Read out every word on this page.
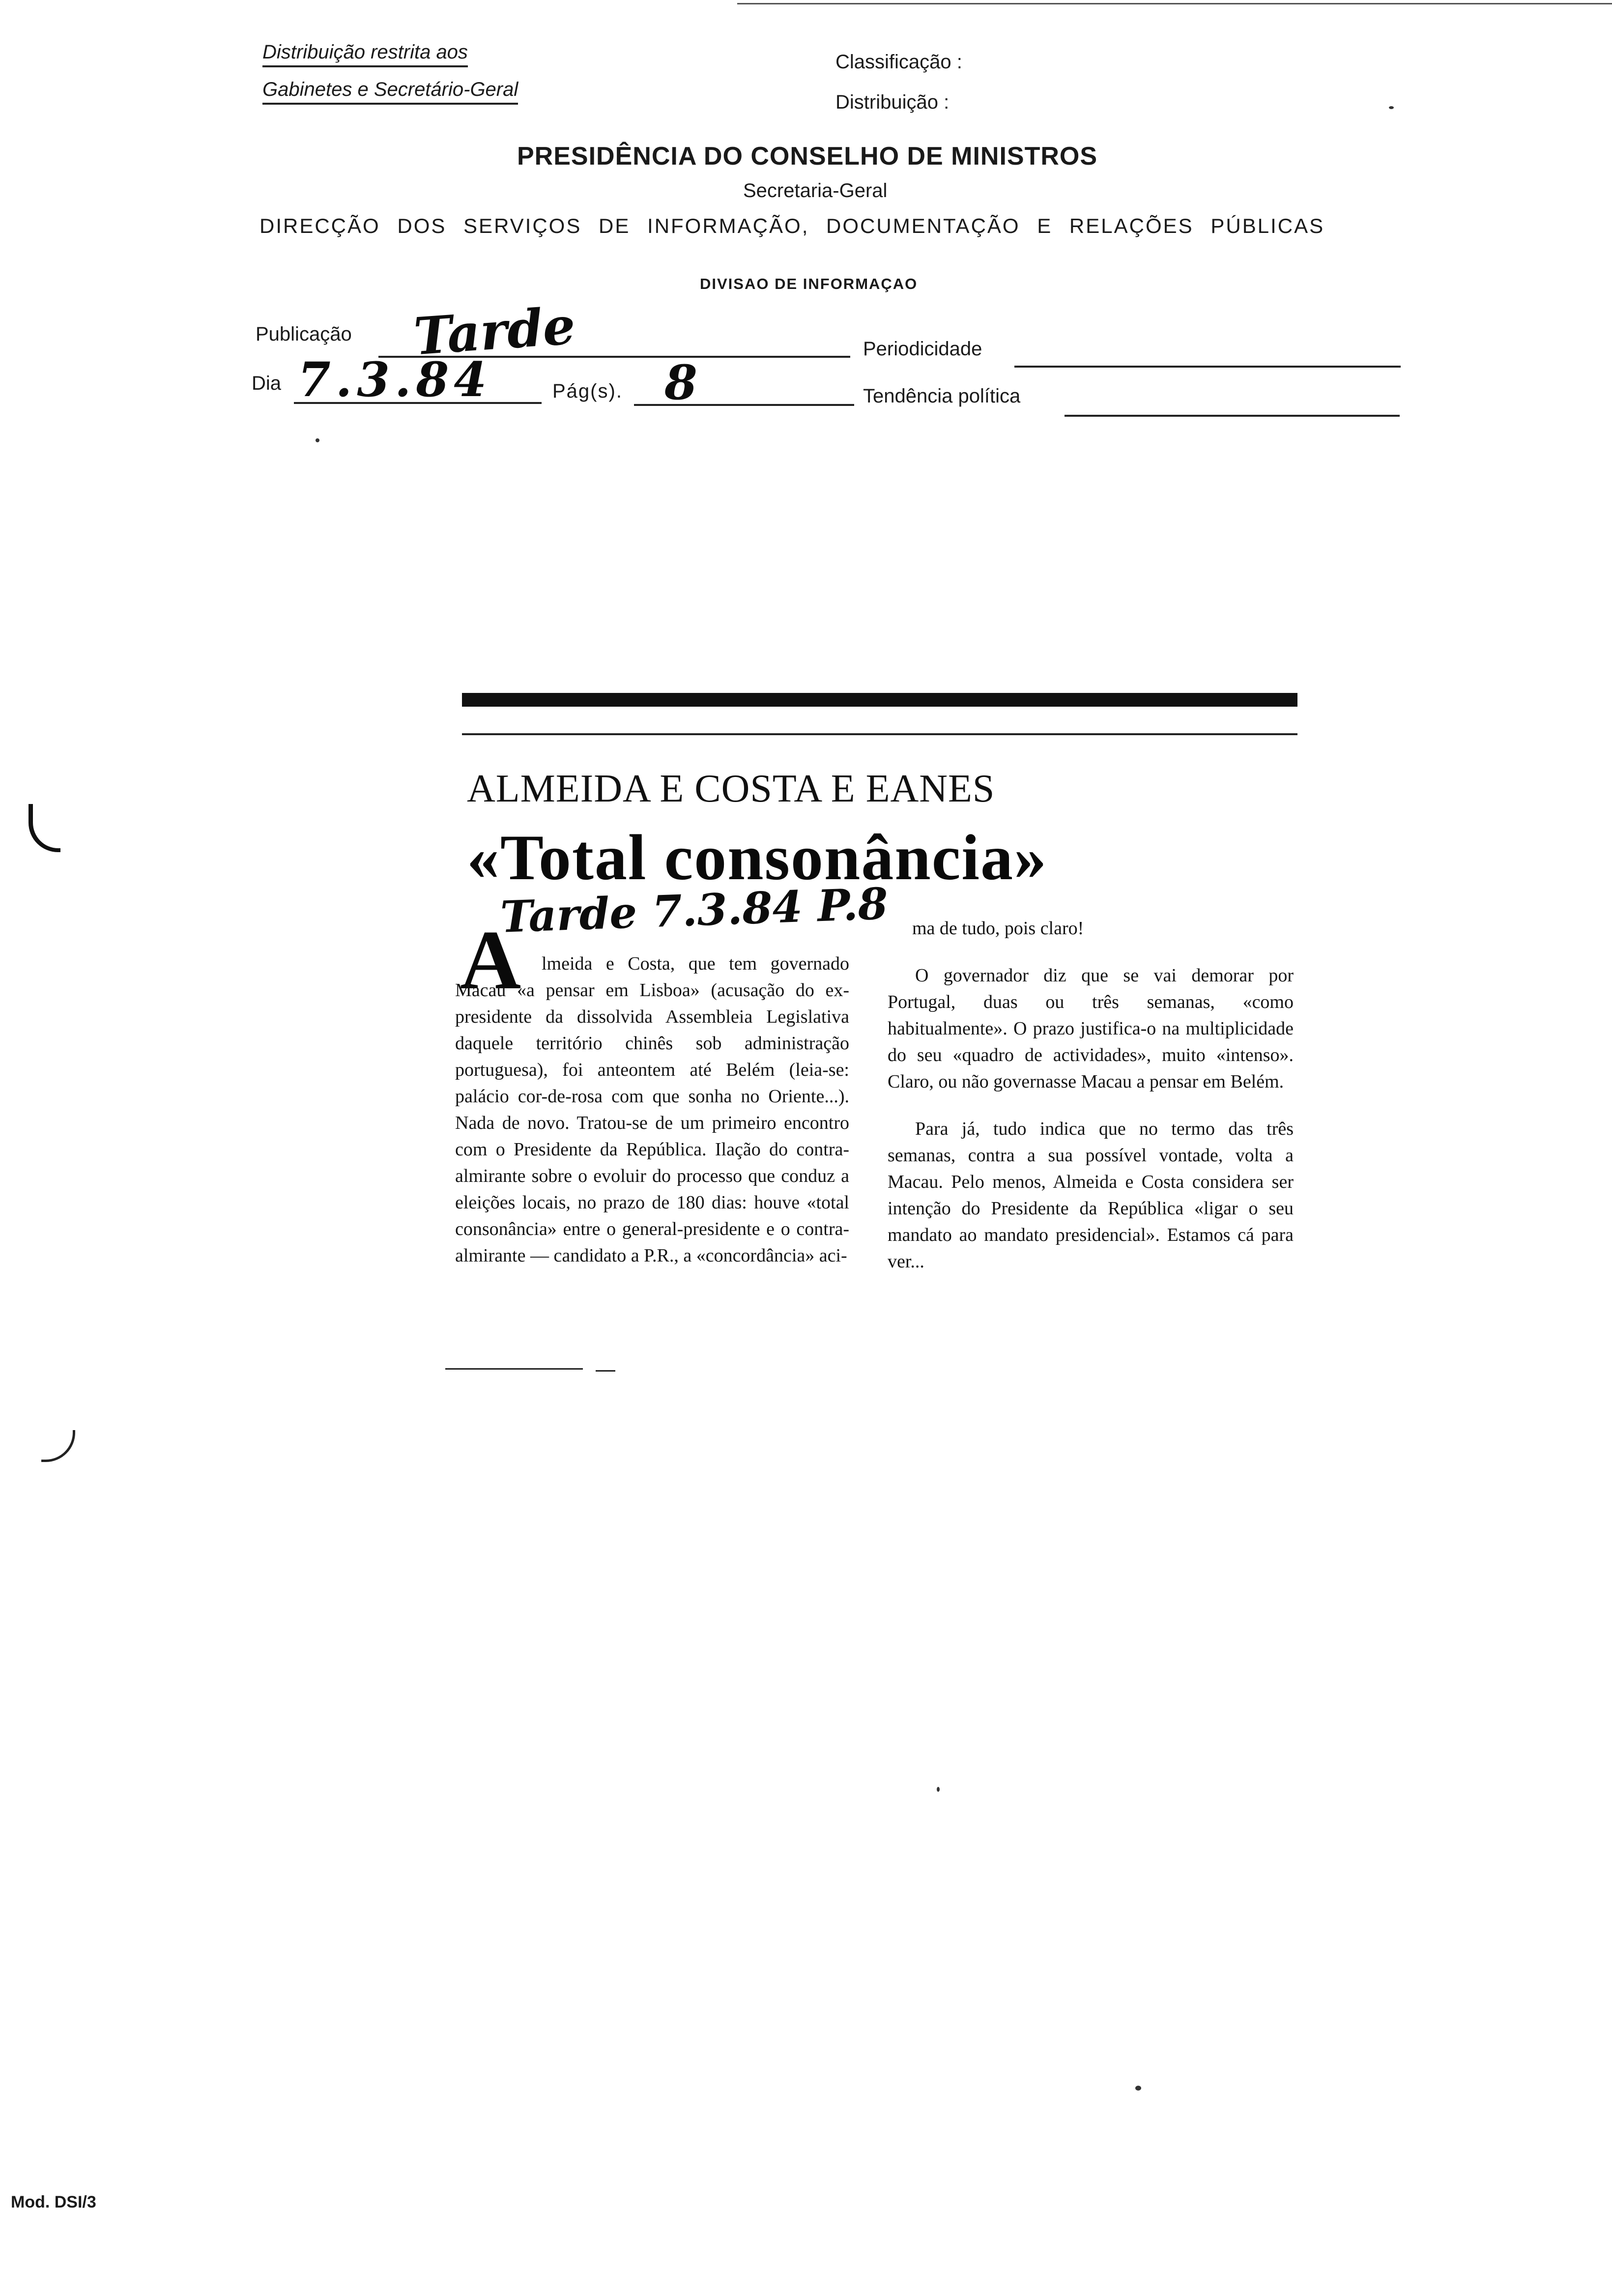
Distribuição restrita aos
Gabinetes e Secretário-Geral
Classificação :
Distribuição :
PRESIDÊNCIA DO CONSELHO DE MINISTROS
Secretaria-Geral
DIRECÇÃO DOS SERVIÇOS DE INFORMAÇÃO, DOCUMENTAÇÃO E RELAÇÕES PÚBLICAS
DIVISAO DE INFORMAÇAO
Publicação Tarde	Periodicidade
Dia 7.3.84	Pág(s). 8	Tendência política
ALMEIDA E COSTA E EANES
«Total consonância»
Tarde 7.3.84 P.8
A	lmeida e Costa, que tem governado Macau «a pensar em Lisboa» (acusação do ex-presidente da dissolvida Assembleia Legislativa daquele território chinês sob administração portuguesa), foi anteontem até Belém (leia-se: palácio cor-de-rosa com que sonha no Oriente...). Nada de novo. Tratou-se de um primeiro encontro com o Presidente da República. Ilação do contra-almirante sobre o evoluir do processo que conduz a eleições locais, no prazo de 180 dias: houve «total consonância» entre o general-presidente e o contra-almirante — candidato a P.R., a «concordância» aci-

ma de tudo, pois claro!

O governador diz que se vai demorar por Portugal, duas ou três semanas, «como habitualmente». O prazo justifica-o na multiplicidade do seu «quadro de actividades», muito «intenso». Claro, ou não governasse Macau a pensar em Belém.

Para já, tudo indica que no termo das três semanas, contra a sua possível vontade, volta a Macau. Pelo menos, Almeida e Costa considera ser intenção do Presidente da República «ligar o seu mandato ao mandato presidencial». Estamos cá para ver...

Mod. DSI/3
